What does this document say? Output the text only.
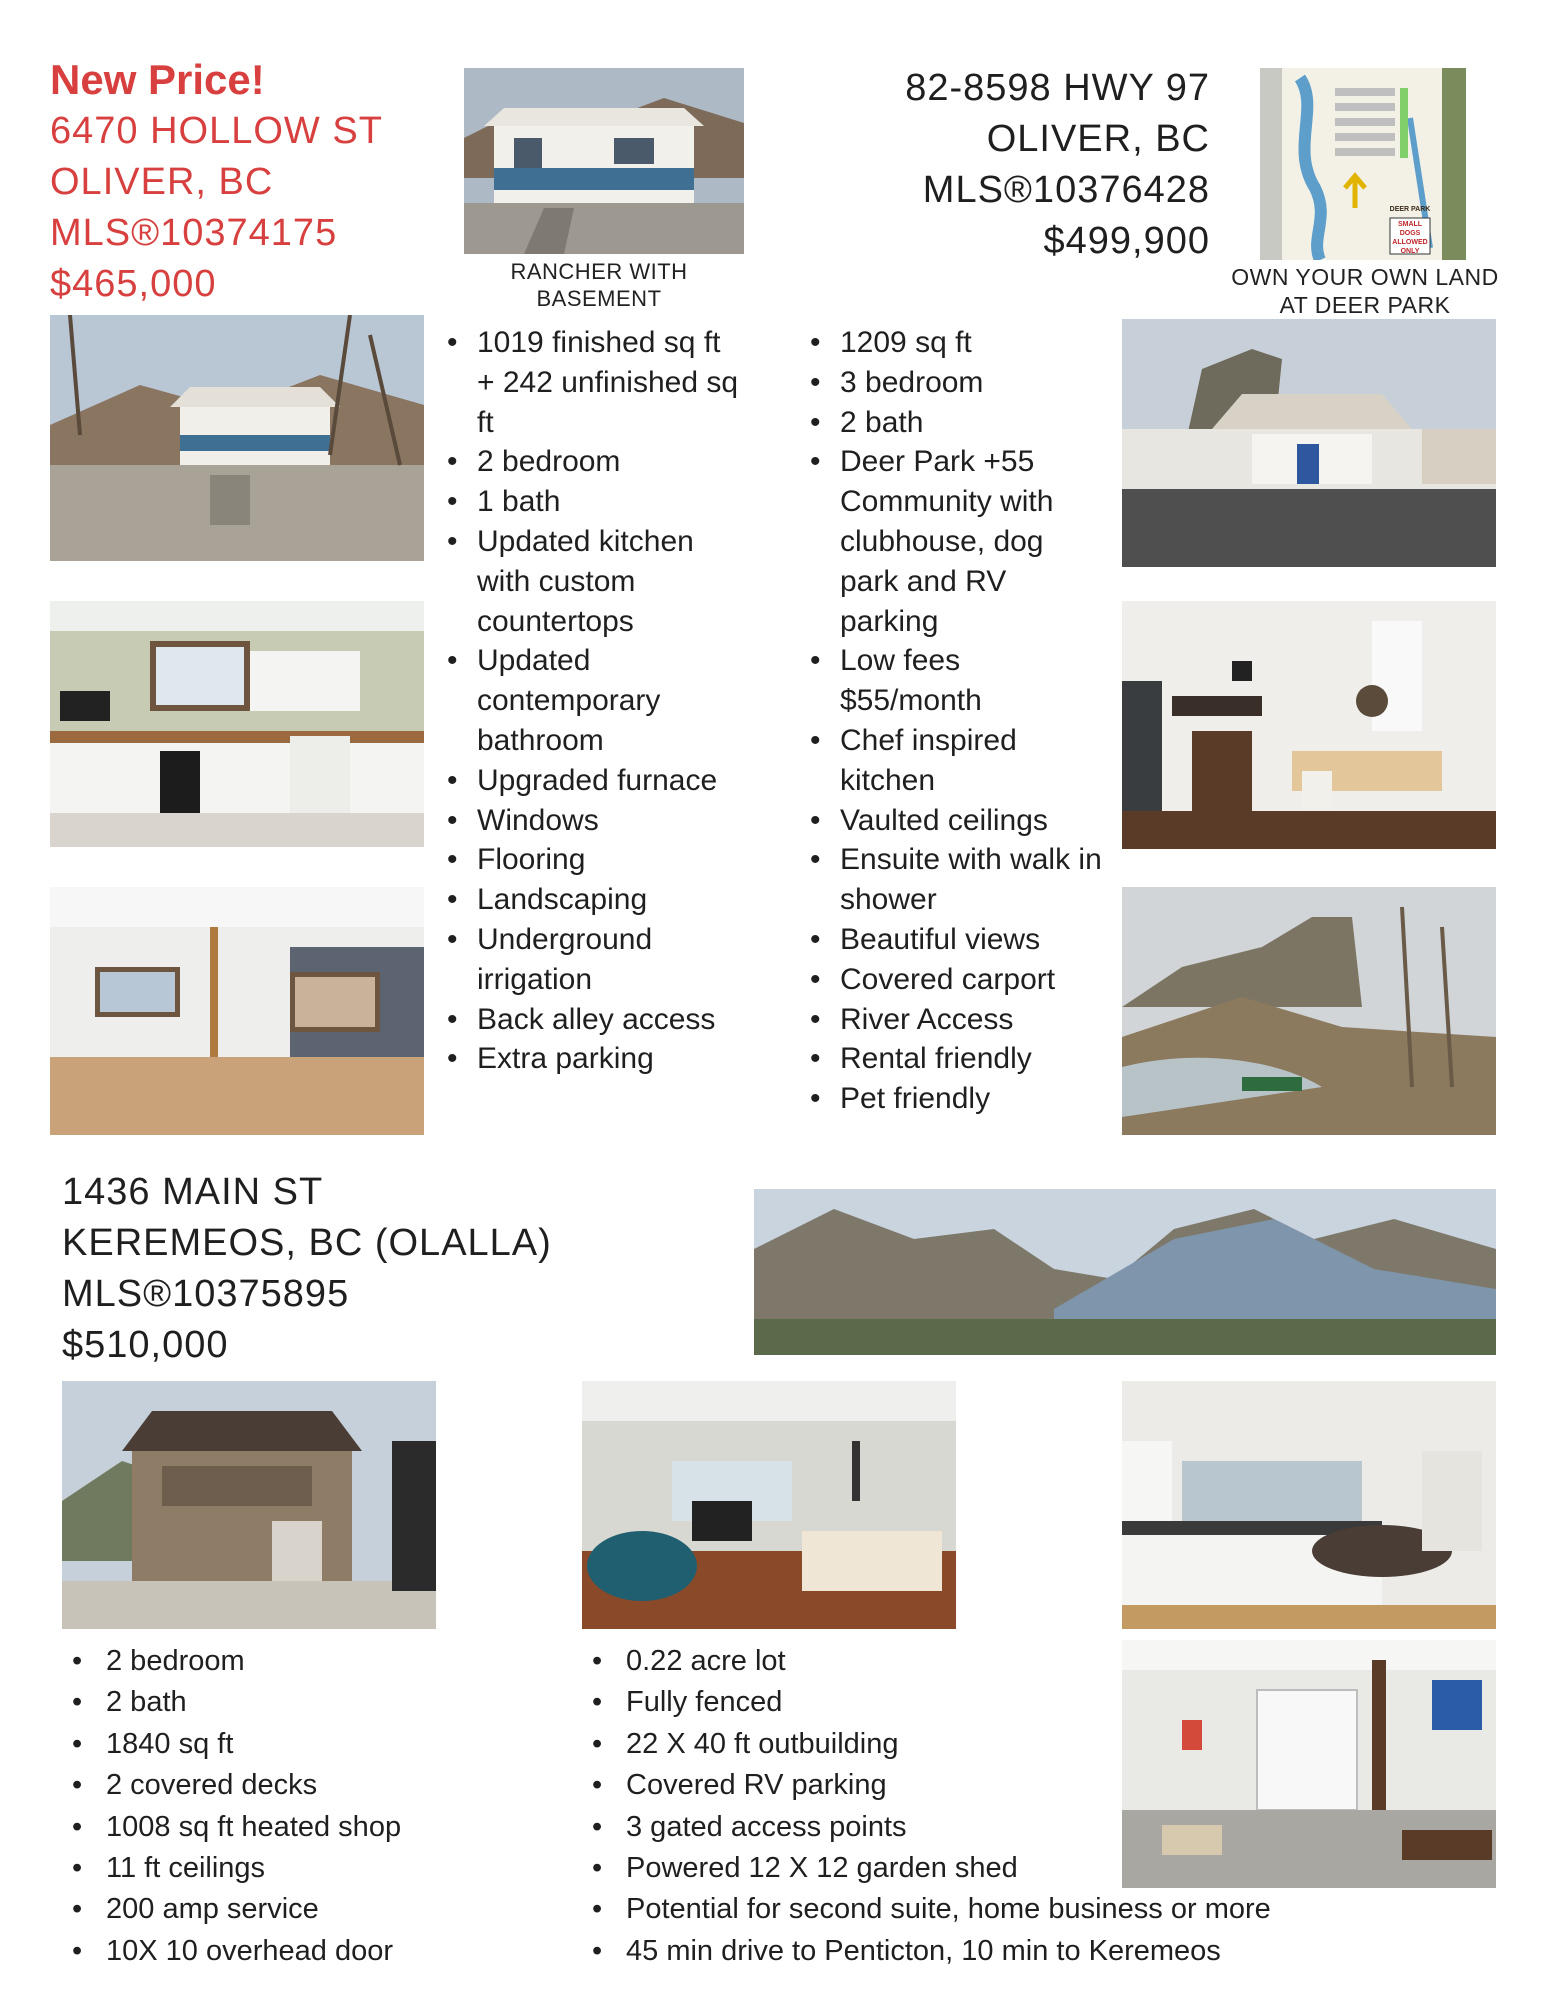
New Price!
6470 HOLLOW ST
OLIVER, BC
MLS®10374175
$465,000	RANCHER WITH BASEMENT
• 1019 finished sq ft + 242 unfinished sq ft
• 2 bedroom
• 1 bath
• Updated kitchen with custom countertops
• Updated contemporary bathroom
• Upgraded furnace
• Windows
• Flooring
• Landscaping
• Underground irrigation
• Back alley access
• Extra parking
82-8598 HWY 97
OLIVER, BC
MLS®10376428
$499,900
DEER PARK
SMALL DOGS ALLOWED ONLY
OWN YOUR OWN LAND AT DEER PARK
• 1209 sq ft
• 3 bedroom
• 2 bath
• Deer Park +55 Community with clubhouse, dog park and RV parking
• Low fees $55/month
• Chef inspired kitchen
• Vaulted ceilings
• Ensuite with walk in shower
• Beautiful views
• Covered carport
• River Access
• Rental friendly
• Pet friendly
1436 MAIN ST
KEREMEOS, BC (OLALLA)
MLS®10375895
$510,000
• 2 bedroom
• 2 bath
• 1840 sq ft
• 2 covered decks
• 1008 sq ft heated shop
• 11 ft ceilings
• 200 amp service
• 10X 10 overhead door
• 0.22 acre lot
• Fully fenced
• 22 X 40 ft outbuilding
• Covered RV parking
• 3 gated access points
• Powered 12 X 12 garden shed
• Potential for second suite, home business or more
• 45 min drive to Penticton, 10 min to Keremeos
